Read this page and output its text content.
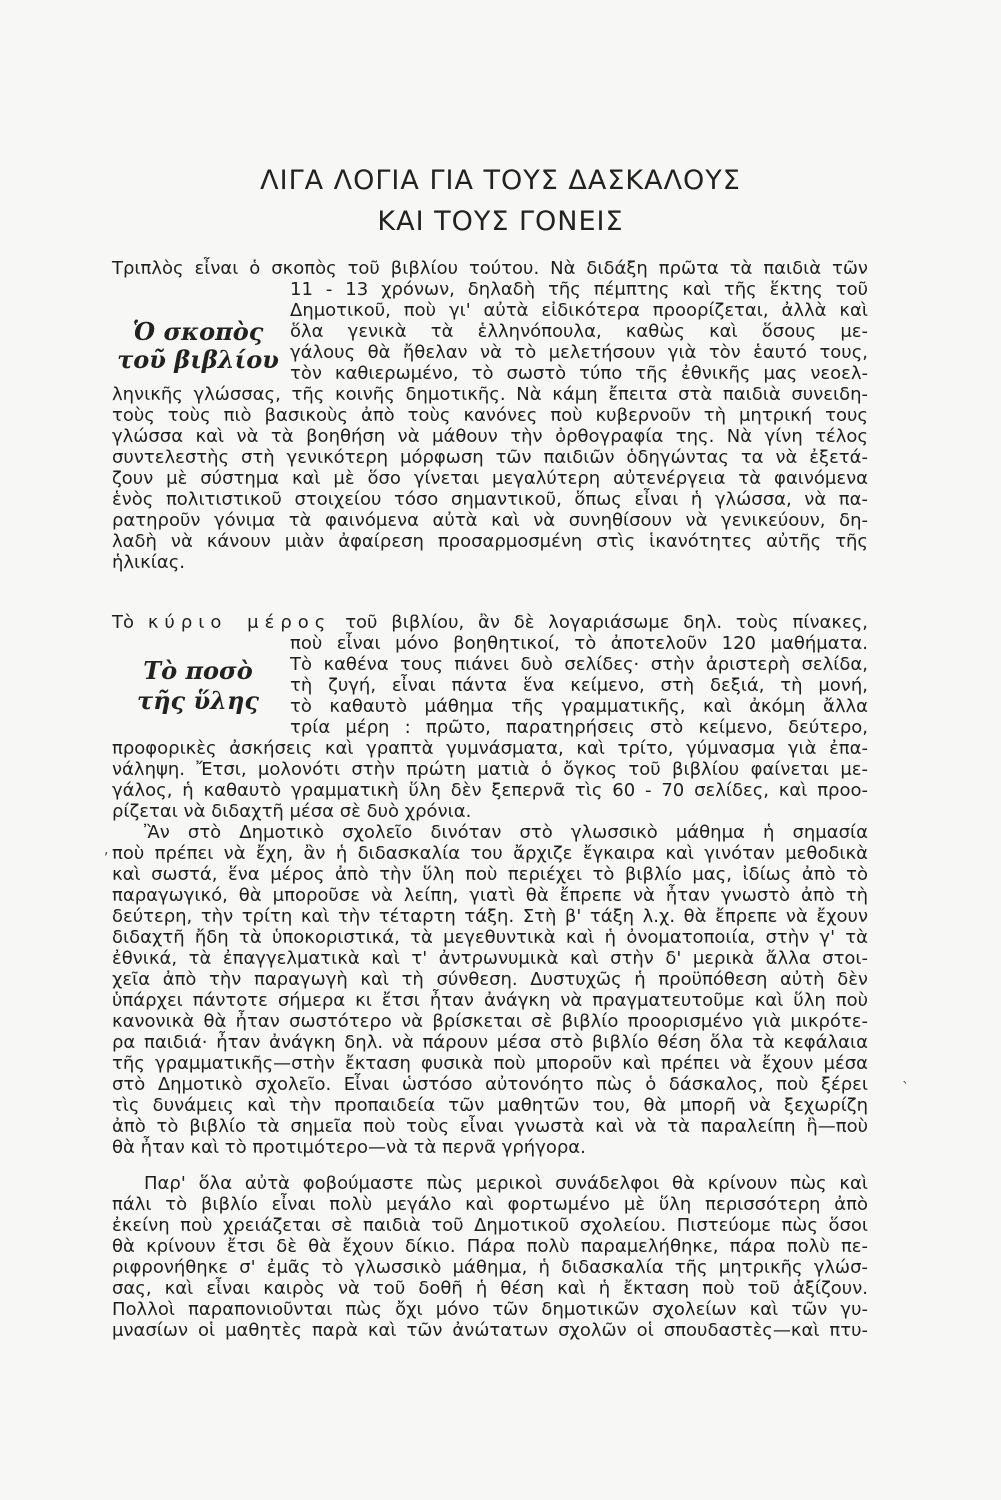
ΛΙΓΑ ΛΟΓΙΑ ΓΙΑ ΤΟΥΣ ΔΑΣΚΑΛΟΥΣ
ΚΑΙ ΤΟΥΣ ΓΟΝΕΙΣ
Ὁ σκοπὸς
τοῦ βιβλίου
Τριπλὸς εἶναι ὁ σκοπὸς τοῦ βιβλίου τούτου. Νὰ διδάξη πρῶτα τὰ παιδιὰ τῶν
11 - 13 χρόνων, δηλαδὴ τῆς πέμπτης καὶ τῆς ἕκτης τοῦ
Δημοτικοῦ, ποὺ γι' αὐτὰ εἰδικότερα προορίζεται, ἀλλὰ καὶ
ὅλα γενικὰ τὰ ἑλληνόπουλα, καθὼς καὶ ὅσους με-
γάλους θὰ ἤθελαν νὰ τὸ μελετήσουν γιὰ τὸν ἑαυτό τους,
τὸν καθιερωμένο, τὸ σωστὸ τύπο τῆς ἐθνικῆς μας νεοελ-
ληνικῆς γλώσσας, τῆς κοινῆς δημοτικῆς. Νὰ κάμη ἔπειτα στὰ παιδιὰ συνειδη-
τοὺς τοὺς πιὸ βασικοὺς ἀπὸ τοὺς κανόνες ποὺ κυβερνοῦν τὴ μητρική τους
γλώσσα καὶ νὰ τὰ βοηθήση νὰ μάθουν τὴν ὀρθογραφία της. Νὰ γίνη τέλος
συντελεστὴς στὴ γενικότερη μόρφωση τῶν παιδιῶν ὁδηγώντας τα νὰ ἐξετά-
ζουν μὲ σύστημα καὶ μὲ ὅσο γίνεται μεγαλύτερη αὐτενέργεια τὰ φαινόμενα
ἑνὸς πολιτιστικοῦ στοιχείου τόσο σημαντικοῦ, ὅπως εἶναι ἡ γλώσσα, νὰ πα-
ρατηροῦν γόνιμα τὰ φαινόμενα αὐτὰ καὶ νὰ συνηθίσουν νὰ γενικεύουν, δη-
λαδὴ νὰ κάνουν μιὰν ἀφαίρεση προσαρμοσμένη στὶς ἱκανότητες αὐτῆς τῆς
ἡλικίας.
Τὸ ποσὸ
τῆς ὕλης
Τὸ κύριο μέρος τοῦ βιβλίου, ἂν δὲ λογαριάσωμε δηλ. τοὺς πίνακες,
ποὺ εἶναι μόνο βοηθητικοί, τὸ ἀποτελοῦν 120 μαθήματα.
Τὸ καθένα τους πιάνει δυὸ σελίδες· στὴν ἀριστερὴ σελίδα,
τὴ ζυγή, εἶναι πάντα ἕνα κείμενο, στὴ δεξιά, τὴ μονή,
τὸ καθαυτὸ μάθημα τῆς γραμματικῆς, καὶ ἀκόμη ἄλλα
τρία μέρη : πρῶτο, παρατηρήσεις στὸ κείμενο, δεύτερο,
προφορικὲς ἀσκήσεις καὶ γραπτὰ γυμνάσματα, καὶ τρίτο, γύμνασμα γιὰ ἐπα-
νάληψη. Ἔτσι, μολονότι στὴν πρώτη ματιὰ ὁ ὄγκος τοῦ βιβλίου φαίνεται με-
γάλος, ἡ καθαυτὸ γραμματικὴ ὕλη δὲν ξεπερνᾶ τὶς 60 - 70 σελίδες, καὶ προο-
ρίζεται νὰ διδαχτῆ μέσα σὲ δυὸ χρόνια.
Ἂν στὸ Δημοτικὸ σχολεῖο δινόταν στὸ γλωσσικὸ μάθημα ἡ σημασία
ποὺ πρέπει νὰ ἔχη, ἂν ἡ διδασκαλία του ἄρχιζε ἔγκαιρα καὶ γινόταν μεθοδικὰ
καὶ σωστά, ἕνα μέρος ἀπὸ τὴν ὕλη ποὺ περιέχει τὸ βιβλίο μας, ἰδίως ἀπὸ τὸ
παραγωγικό, θὰ μποροῦσε νὰ λείπη, γιατὶ θὰ ἔπρεπε νὰ ἦταν γνωστὸ ἀπὸ τὴ
δεύτερη, τὴν τρίτη καὶ τὴν τέταρτη τάξη. Στὴ β' τάξη λ.χ. θὰ ἔπρεπε νὰ ἔχουν
διδαχτῆ ἤδη τὰ ὑποκοριστικά, τὰ μεγεθυντικὰ καὶ ἡ ὀνοματοποιία, στὴν γ' τὰ
ἐθνικά, τὰ ἐπαγγελματικὰ καὶ τ' ἀντρωνυμικὰ καὶ στὴν δ' μερικὰ ἄλλα στοι-
χεῖα ἀπὸ τὴν παραγωγὴ καὶ τὴ σύνθεση. Δυστυχῶς ἡ προϋπόθεση αὐτὴ δὲν
ὑπάρχει πάντοτε σήμερα κι ἔτσι ἦταν ἀνάγκη νὰ πραγματευτοῦμε καὶ ὕλη ποὺ
κανονικὰ θὰ ἦταν σωστότερο νὰ βρίσκεται σὲ βιβλίο προορισμένο γιὰ μικρότε-
ρα παιδιά· ἦταν ἀνάγκη δηλ. νὰ πάρουν μέσα στὸ βιβλίο θέση ὅλα τὰ κεφάλαια
τῆς γραμματικῆς—στὴν ἔκταση φυσικὰ ποὺ μποροῦν καὶ πρέπει νὰ ἔχουν μέσα
στὸ Δημοτικὸ σχολεῖο. Εἶναι ὡστόσο αὐτονόητο πὼς ὁ δάσκαλος, ποὺ ξέρει
τὶς δυνάμεις καὶ τὴν προπαιδεία τῶν μαθητῶν του, θὰ μπορῆ νὰ ξεχωρίζη
ἀπὸ τὸ βιβλίο τὰ σημεῖα ποὺ τοὺς εἶναι γνωστὰ καὶ νὰ τὰ παραλείπη ἢ—ποὺ
θὰ ἦταν καὶ τὸ προτιμότερο—νὰ τὰ περνᾶ γρήγορα.
Παρ' ὅλα αὐτὰ φοβούμαστε πὼς μερικοὶ συνάδελφοι θὰ κρίνουν πὼς καὶ
πάλι τὸ βιβλίο εἶναι πολὺ μεγάλο καὶ φορτωμένο μὲ ὕλη περισσότερη ἀπὸ
ἐκείνη ποὺ χρειάζεται σὲ παιδιὰ τοῦ Δημοτικοῦ σχολείου. Πιστεύομε πὼς ὅσοι
θὰ κρίνουν ἔτσι δὲ θὰ ἔχουν δίκιο. Πάρα πολὺ παραμελήθηκε, πάρα πολὺ πε-
ριφρονήθηκε σ' ἐμᾶς τὸ γλωσσικὸ μάθημα, ἡ διδασκαλία τῆς μητρικῆς γλώσ-
σας, καὶ εἶναι καιρὸς νὰ τοῦ δοθῆ ἡ θέση καὶ ἡ ἔκταση ποὺ τοῦ ἀξίζουν.
Πολλοὶ παραπονιοῦνται πὼς ὄχι μόνο τῶν δημοτικῶν σχολείων καὶ τῶν γυ-
μνασίων οἱ μαθητὲς παρὰ καὶ τῶν ἀνώτατων σχολῶν οἱ σπουδαστὲς—καὶ πτυ-
,
ˎ
